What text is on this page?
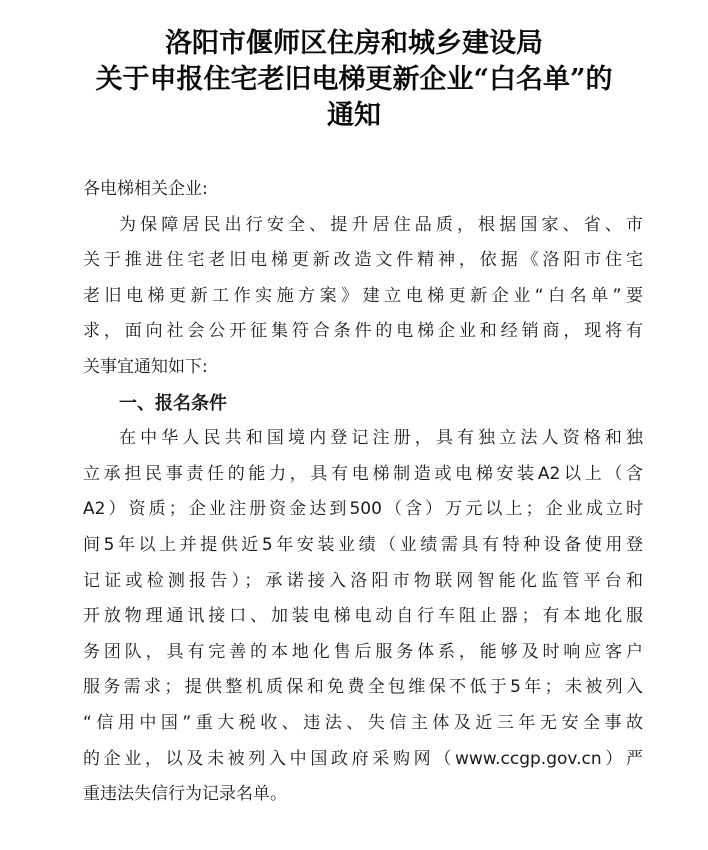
洛阳市偃师区住房和城乡建设局
关于申报住宅老旧电梯更新企业“白名单”的
通知
各电梯相关企业:
为保障居民出行安全、提升居住品质，根据国家、省、市
关于推进住宅老旧电梯更新改造文件精神，依据《洛阳市住宅
老旧电梯更新工作实施方案》建立电梯更新企业“白名单”要
求，面向社会公开征集符合条件的电梯企业和经销商，现将有
关事宜通知如下:
一、报名条件
在中华人民共和国境内登记注册，具有独立法人资格和独
立承担民事责任的能力，具有电梯制造或电梯安装A2以上（含
A2）资质；企业注册资金达到500（含）万元以上；企业成立时
间5年以上并提供近5年安装业绩（业绩需具有特种设备使用登
记证或检测报告）；承诺接入洛阳市物联网智能化监管平台和
开放物理通讯接口、加装电梯电动自行车阻止器；有本地化服
务团队，具有完善的本地化售后服务体系，能够及时响应客户
服务需求；提供整机质保和免费全包维保不低于5年；未被列入
“信用中国”重大税收、违法、失信主体及近三年无安全事故
的企业，以及未被列入中国政府采购网（www.ccgp.gov.cn）严
重违法失信行为记录名单。
